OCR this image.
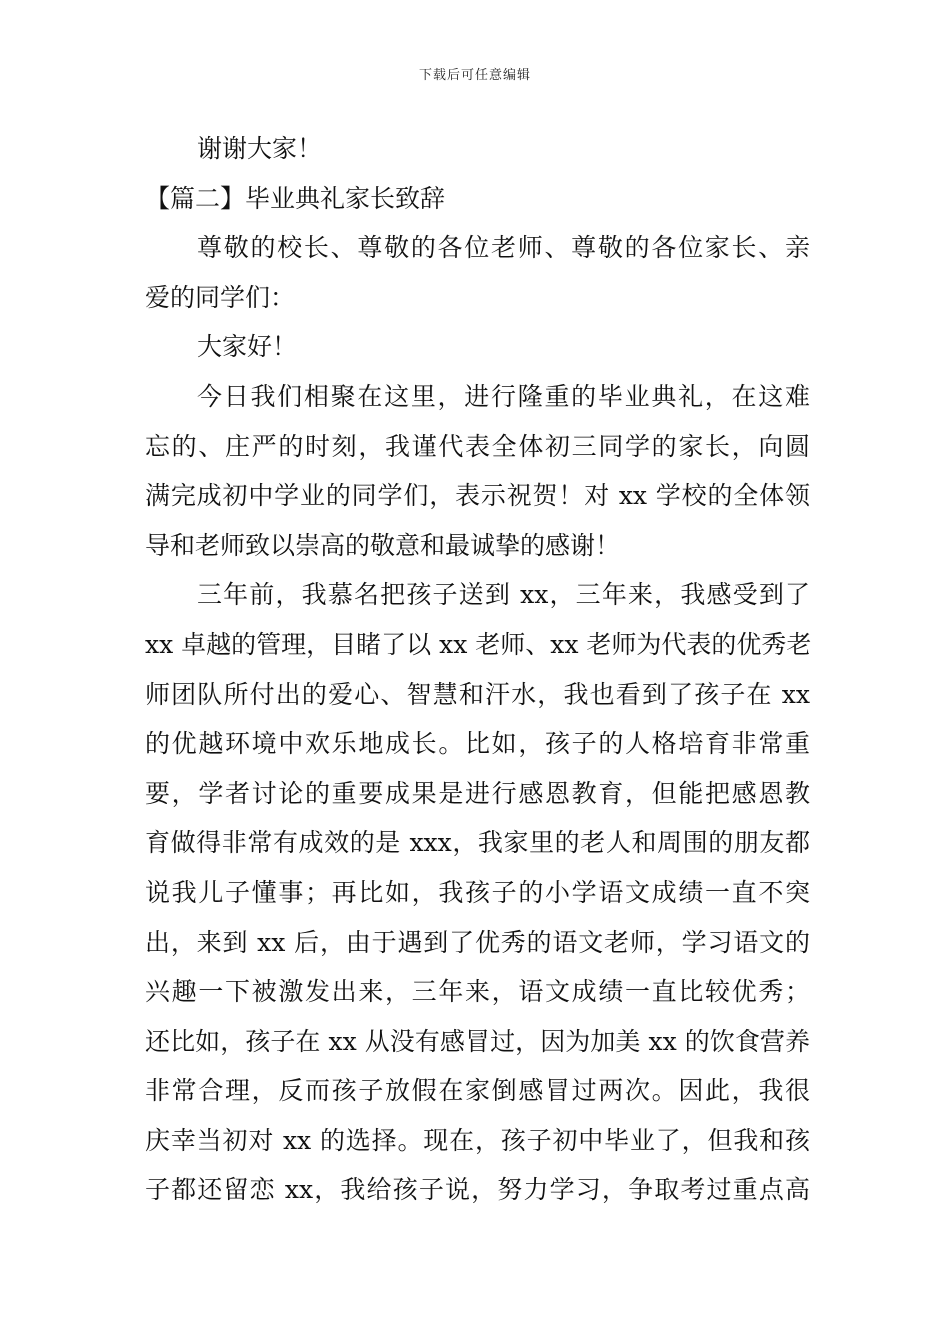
下载后可任意编辑
谢谢大家！
【篇二】毕业典礼家长致辞
尊敬的校长、尊敬的各位老师、尊敬的各位家长、亲
爱的同学们：
大家好！
今日我们相聚在这里，进行隆重的毕业典礼，在这难
忘的、庄严的时刻，我谨代表全体初三同学的家长，向圆
满完成初中学业的同学们，表示祝贺！对 xx 学校的全体领
导和老师致以崇高的敬意和最诚挚的感谢！
三年前，我慕名把孩子送到 xx，三年来，我感受到了
xx 卓越的管理，目睹了以 xx 老师、xx 老师为代表的优秀老
师团队所付出的爱心、智慧和汗水，我也看到了孩子在 xx
的优越环境中欢乐地成长。比如，孩子的人格培育非常重
要，学者讨论的重要成果是进行感恩教育，但能把感恩教
育做得非常有成效的是 xxx，我家里的老人和周围的朋友都
说我儿子懂事；再比如，我孩子的小学语文成绩一直不突
出，来到 xx 后，由于遇到了优秀的语文老师，学习语文的
兴趣一下被激发出来，三年来，语文成绩一直比较优秀；
还比如，孩子在 xx 从没有感冒过，因为加美 xx 的饮食营养
非常合理，反而孩子放假在家倒感冒过两次。因此，我很
庆幸当初对 xx 的选择。现在，孩子初中毕业了，但我和孩
子都还留恋 xx，我给孩子说，努力学习，争取考过重点高
